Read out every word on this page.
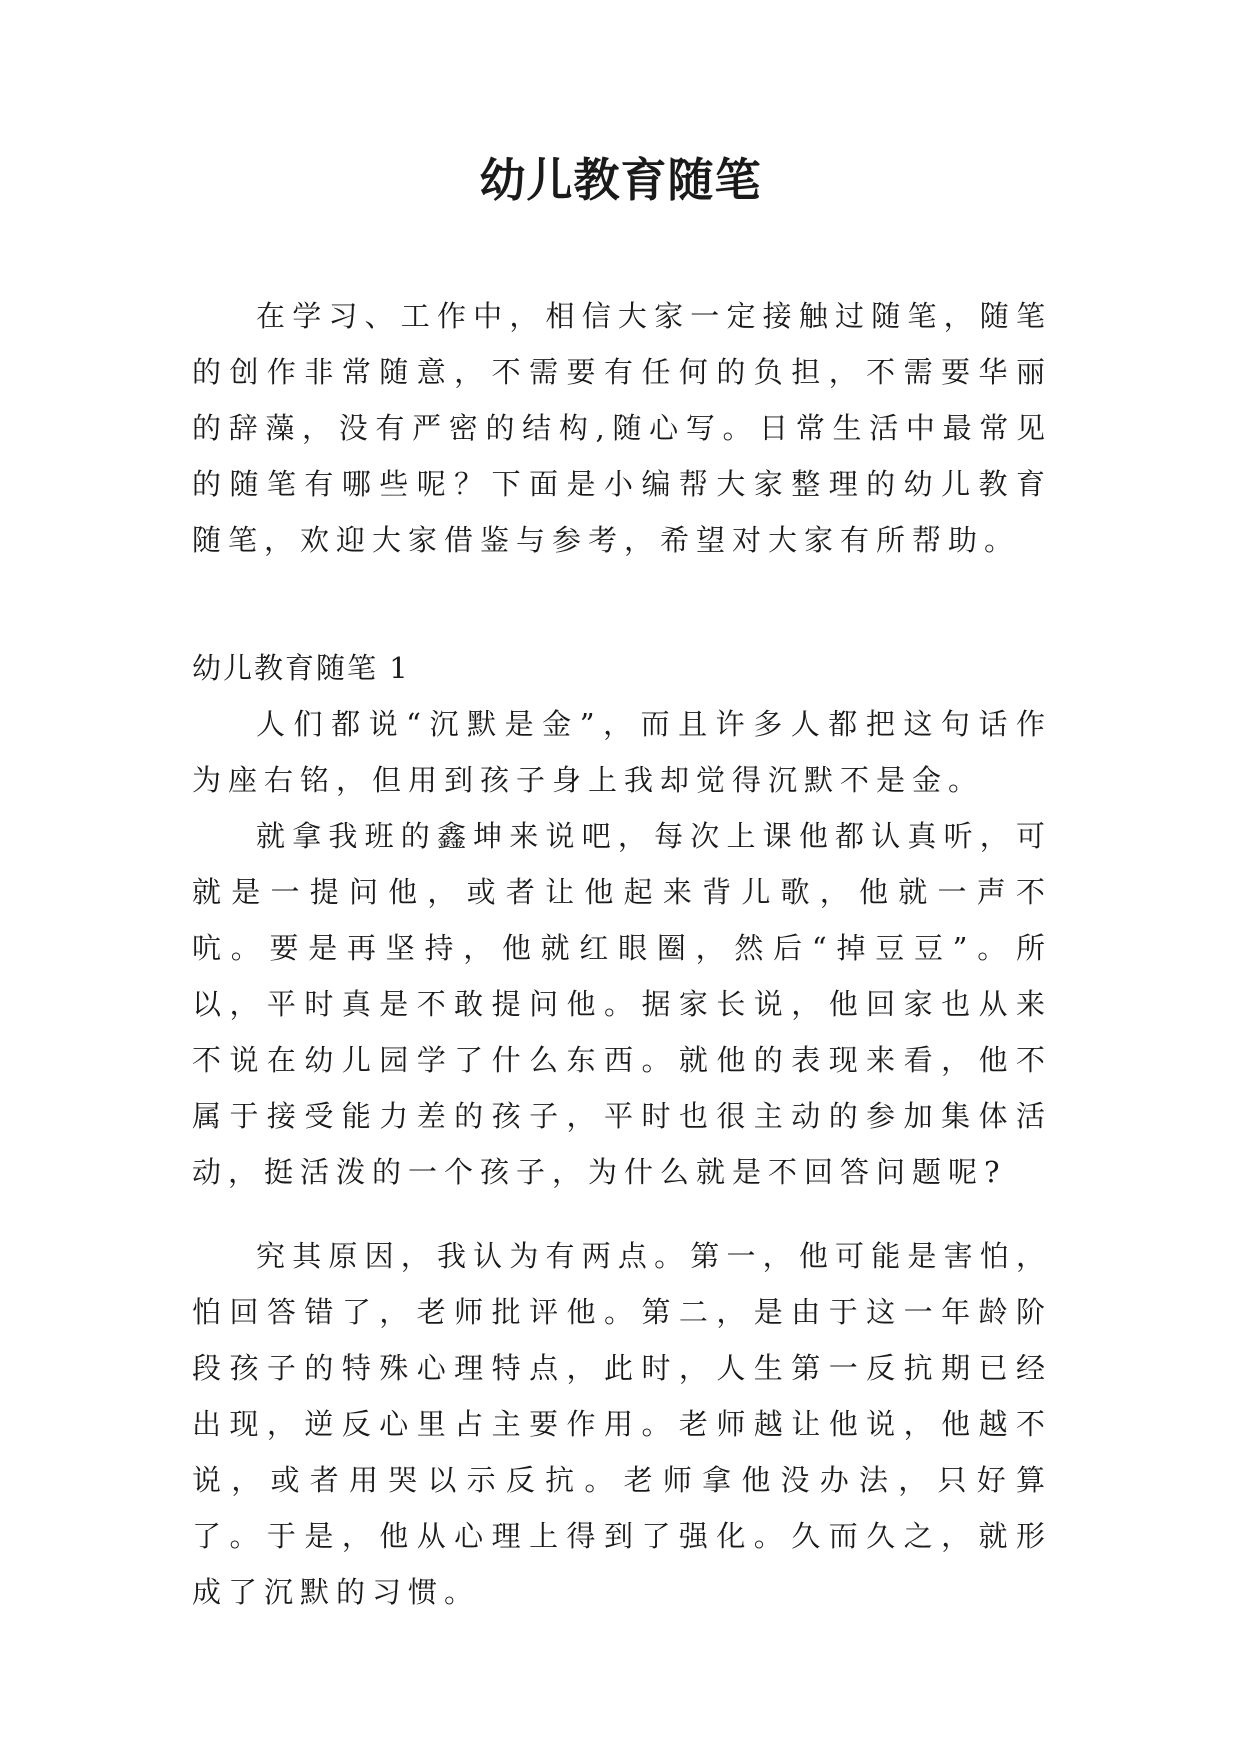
幼儿教育随笔

在学习、工作中，相信大家一定接触过随笔，随笔的创作非常随意，不需要有任何的负担，不需要华丽的辞藻，没有严密的结构,随心写。日常生活中最常见的随笔有哪些呢？下面是小编帮大家整理的幼儿教育随笔，欢迎大家借鉴与参考，希望对大家有所帮助。

幼儿教育随笔 1

人们都说“沉默是金”，而且许多人都把这句话作为座右铭，但用到孩子身上我却觉得沉默不是金。

就拿我班的鑫坤来说吧，每次上课他都认真听，可就是一提问他，或者让他起来背儿歌，他就一声不吭。要是再坚持，他就红眼圈，然后“掉豆豆”。所以，平时真是不敢提问他。据家长说，他回家也从来不说在幼儿园学了什么东西。就他的表现来看，他不属于接受能力差的孩子，平时也很主动的参加集体活动，挺活泼的一个孩子，为什么就是不回答问题呢?

究其原因，我认为有两点。第一，他可能是害怕，怕回答错了，老师批评他。第二，是由于这一年龄阶段孩子的特殊心理特点，此时，人生第一反抗期已经出现，逆反心里占主要作用。老师越让他说，他越不说，或者用哭以示反抗。老师拿他没办法，只好算了。于是，他从心理上得到了强化。久而久之，就形成了沉默的习惯。
